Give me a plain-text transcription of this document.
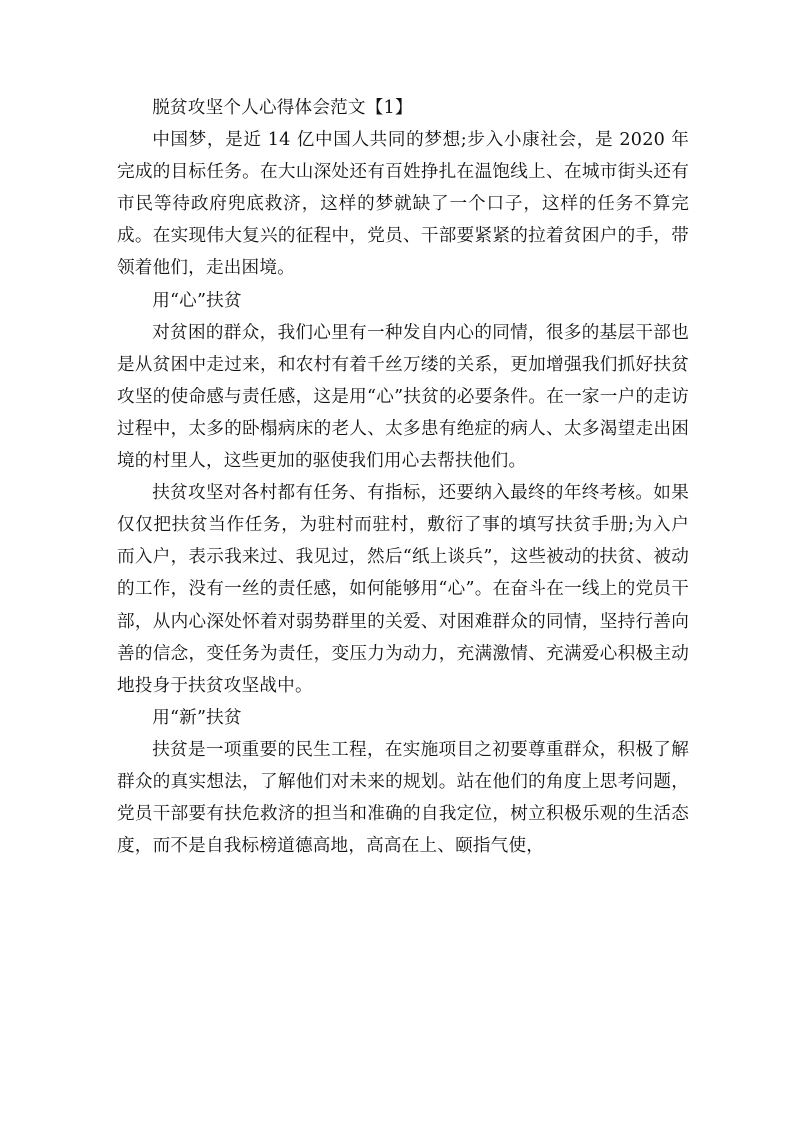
脱贫攻坚个人心得体会范文【1】

中国梦，是近 14 亿中国人共同的梦想;步入小康社会，是 2020 年完成的目标任务。在大山深处还有百姓挣扎在温饱线上、在城市街头还有市民等待政府兜底救济，这样的梦就缺了一个口子，这样的任务不算完成。在实现伟大复兴的征程中，党员、干部要紧紧的拉着贫困户的手，带领着他们，走出困境。

用“心”扶贫

对贫困的群众，我们心里有一种发自内心的同情，很多的基层干部也是从贫困中走过来，和农村有着千丝万缕的关系，更加增强我们抓好扶贫攻坚的使命感与责任感，这是用“心”扶贫的必要条件。在一家一户的走访过程中，太多的卧榻病床的老人、太多患有绝症的病人、太多渴望走出困境的村里人，这些更加的驱使我们用心去帮扶他们。

扶贫攻坚对各村都有任务、有指标，还要纳入最终的年终考核。如果仅仅把扶贫当作任务，为驻村而驻村，敷衍了事的填写扶贫手册;为入户而入户，表示我来过、我见过，然后“纸上谈兵”，这些被动的扶贫、被动的工作，没有一丝的责任感，如何能够用“心”。在奋斗在一线上的党员干部，从内心深处怀着对弱势群里的关爱、对困难群众的同情，坚持行善向善的信念，变任务为责任，变压力为动力，充满激情、充满爱心积极主动地投身于扶贫攻坚战中。

用“新”扶贫

扶贫是一项重要的民生工程，在实施项目之初要尊重群众，积极了解群众的真实想法，了解他们对未来的规划。站在他们的角度上思考问题，党员干部要有扶危救济的担当和准确的自我定位，树立积极乐观的生活态度，而不是自我标榜道德高地，高高在上、颐指气使，
